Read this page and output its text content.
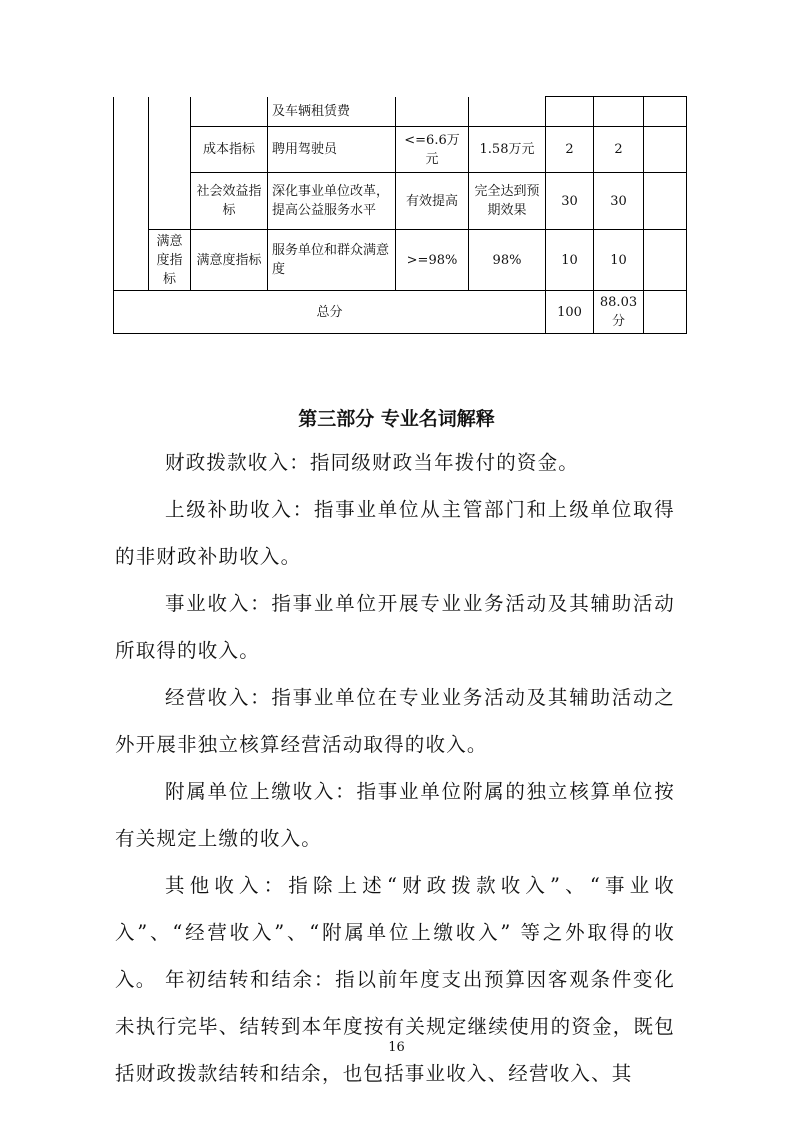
			及车辆租赁费					
		成本指标	聘用驾驶员	<=6.6万元	1.58万元	2	2	
		社会效益指标	深化事业单位改革，提高公益服务水平	有效提高	完全达到预期效果	30	30	
	满意度指标	满意度指标	服务单位和群众满意度	>=98%	98%	10	10	
总分						100	88.03分	
第三部分 专业名词解释

财政拨款收入：指同级财政当年拨付的资金。

上级补助收入：指事业单位从主管部门和上级单位取得的非财政补助收入。

事业收入：指事业单位开展专业业务活动及其辅助活动所取得的收入。

经营收入：指事业单位在专业业务活动及其辅助活动之外开展非独立核算经营活动取得的收入。

附属单位上缴收入：指事业单位附属的独立核算单位按有关规定上缴的收入。

其他收入：指除上述“财政拨款收入”、“事业收入”、“经营收入”、“附属单位上缴收入” 等之外取得的收入。 年初结转和结余：指以前年度支出预算因客观条件变化未执行完毕、结转到本年度按有关规定继续使用的资金，既包括财政拨款结转和结余，也包括事业收入、经营收入、其

16
